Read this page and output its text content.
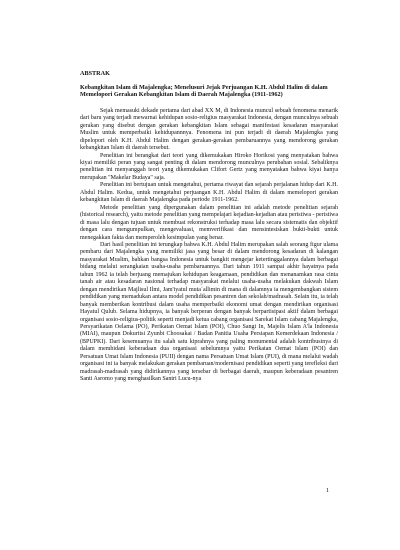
ABSTRAK
Kebangkitan Islam di Majalengka; Menelusuri Jejak Perjuangan K.H. Abdul Halim di dalam Memelopori Gerakan Kebangkitan Islam di Daerah Majalengka (1911-1962)

Sejak memasuki dekade pertama dari abad XX M, di Indonesia muncul sebuah fenomena menarik dari baru yang terjadi mewarnai kehidupan sosio-religius masyarakat Indonesia, dengan munculnya sebuah gerakan yang disebut dengan gerakan kebangkitan Islam sebagai manifestasi kesadaran masyarakat Muslim untuk memperbaiki kehidupannnya. Fenomena ini pun terjadi di daerah Majalengka yang dipelopori oleh K.H. Abdul Halim dengan gerakan-gerakan pembaruannya yang mendorong gerakan kebangkitan Islam di daerah tersebut.

Penelitian ini berangkat dari teori yang dikemukakan Hiroko Horikosi yang menyatakan bahwa kiyai memiliki peran yang sangat penting di dalam mendorong munculnya perubahan sosial. Sebaliknya penelitian ini menyanggah teori yang dikemukakan Clifort Gertz yang menyatakan bahwa kiyai hanya merupakan "Makelar Budaya" saja.

Penelitian ini bertujuan untuk mengetahui, pertama riwayat dan sejarah perjalanan hidup dari K.H. Abdul Halim. Kedua, untuk mengetahui perjuangan K.H. Abdul Halim di dalam memelopori gerakan kebangkitan Islam di daerah Majalengka pada periode 1911-1962.

Metode penelitian yang dipergunakan dalam penelitian ini adalah metode penelitian sejarah (historical research), yaitu metode penelitian yang mempelajari kejadian-kejadian atau peristiwa - peristiwa di masa lalu dengan tujuan untuk membuat rekonstruksi terhadap masa lalu secara sistematis dan objektif dengan cara mengumpulkan, mengevaluasi, memverifikasi dan mensintesiskan bukti-bukti untuk menegakkan fakta dan memperoleh kesimpulan yang benar.

Dari hasil penelitian ini terungkap bahwa K.H. Abdul Halim merupakan salah seorang figur ulama pembaru dari Majalengka yang memiliki jasa yang besar di dalam mendorong kesadaran di kalangan masyarakat Muslim, bahkan bangsa Indonesia untuk bangkit mengejar ketertinggalannya dalam berbagai bidang melalui serangkaian usaha-usaha pembaruannya. Dari tahun 1911 sampai akhir hayatnya pada tahun 1962 ia telah berjuang memajukan kehidupan keagamaan, pendidikan dan menanamkan rasa cinta tanah air atau kesadaran nasional terhadap masyarakat melalui usaha-usaha melakukan dakwah Islam dengan mendirikan Majlisul Ilmi, Jam'iyatul mutaʿallimin di mana di dalamnya ia mengembangkan sistem pendidikan yang memadukan antara model pendidikan pesantren dan sekolah/madrasah. Selain itu, ia telah banyak memberikan kontribusi dalam usaha memperbaiki ekonomi umat dengan mendirikan organisasi Hayatul Qulub. Selama hidupnya, ia banyak berperan dengan banyak berpartisipasi aktif dalam berbagai organisasi sosio-religius-politik seperti menjadi ketua cabang organisasi Sarekat Islam cabang Majalengka, Persyarikatan Oelama (PO), Perikatan Oemat Islam (POI), Chuo Sangi In, Majelis Islam A'la Indonesia (MIAI), maupun Dokuritsi Zyunbi Choosakai / Badan Panitia Usaha Persiapan Kemerdekaan Indonesia / (BPUPKI). Dari kesemuanya itu salah satu kiprahnya yang paling monumental adalah kontribusinya di dalam membidani keberadaan dua organisasi sebelumnya yaitu Perikatan Oemat Islam (POI) dan Persatuan Umat Islam Indonesia (PUII) dengan nama Persatuan Umat Islam (PUI), di mana melalui wadah organisasi ini ia banyak melakukan gerakan pembaruan/modernisasi pendidikan seperti yang terefleksi dari madrasah-madrasah yang didirikannya yang tersebar di berbagai daerah, maupun keberadaan pesantren Santi Asromo yang menghasilkan Santri Lucu-nya

1
